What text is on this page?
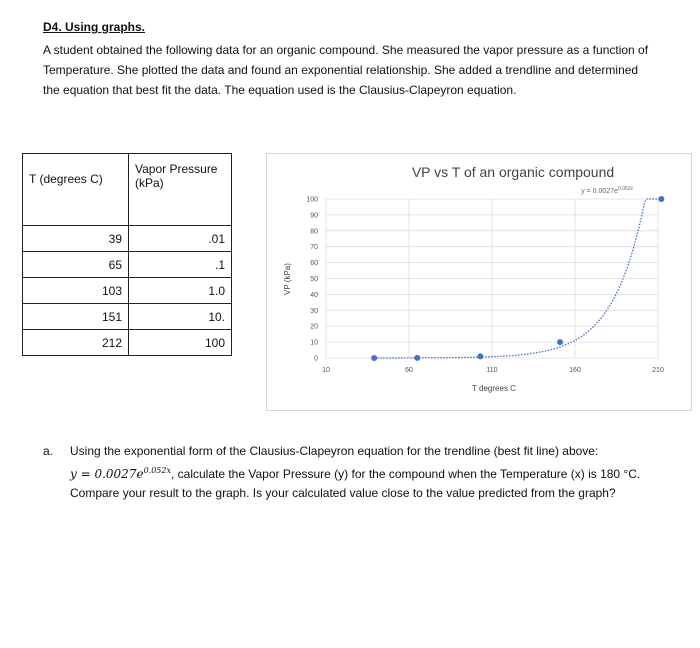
D4. Using graphs.
A student obtained the following data for an organic compound. She measured the vapor pressure as a function of
Temperature. She plotted the data and found an exponential relationship. She added a trendline and determined
the equation that best fit the data. The equation used is the Clausius-Clapeyron equation.
T (degrees C)	Vapor Pressure
(kPa)

39	.01
65	.1
103	1.0
151	10.
212	100
0
10
20
30
40
50
60
70
80
90
100
10	60	110	160	210
VP vs T of an organic compound
$y = 0.0027e^{0.052x}$
VP (kPa)
T degrees C
a. Using the exponential form of the Clausius-Clapeyron equation for the trendline (best fit line) above:
$y = 0.0027e^{0.052x}$, calculate the Vapor Pressure (y) for the compound when the Temperature (x) is 180 °C.
Compare your result to the graph. Is your calculated value close to the value predicted from the graph?
